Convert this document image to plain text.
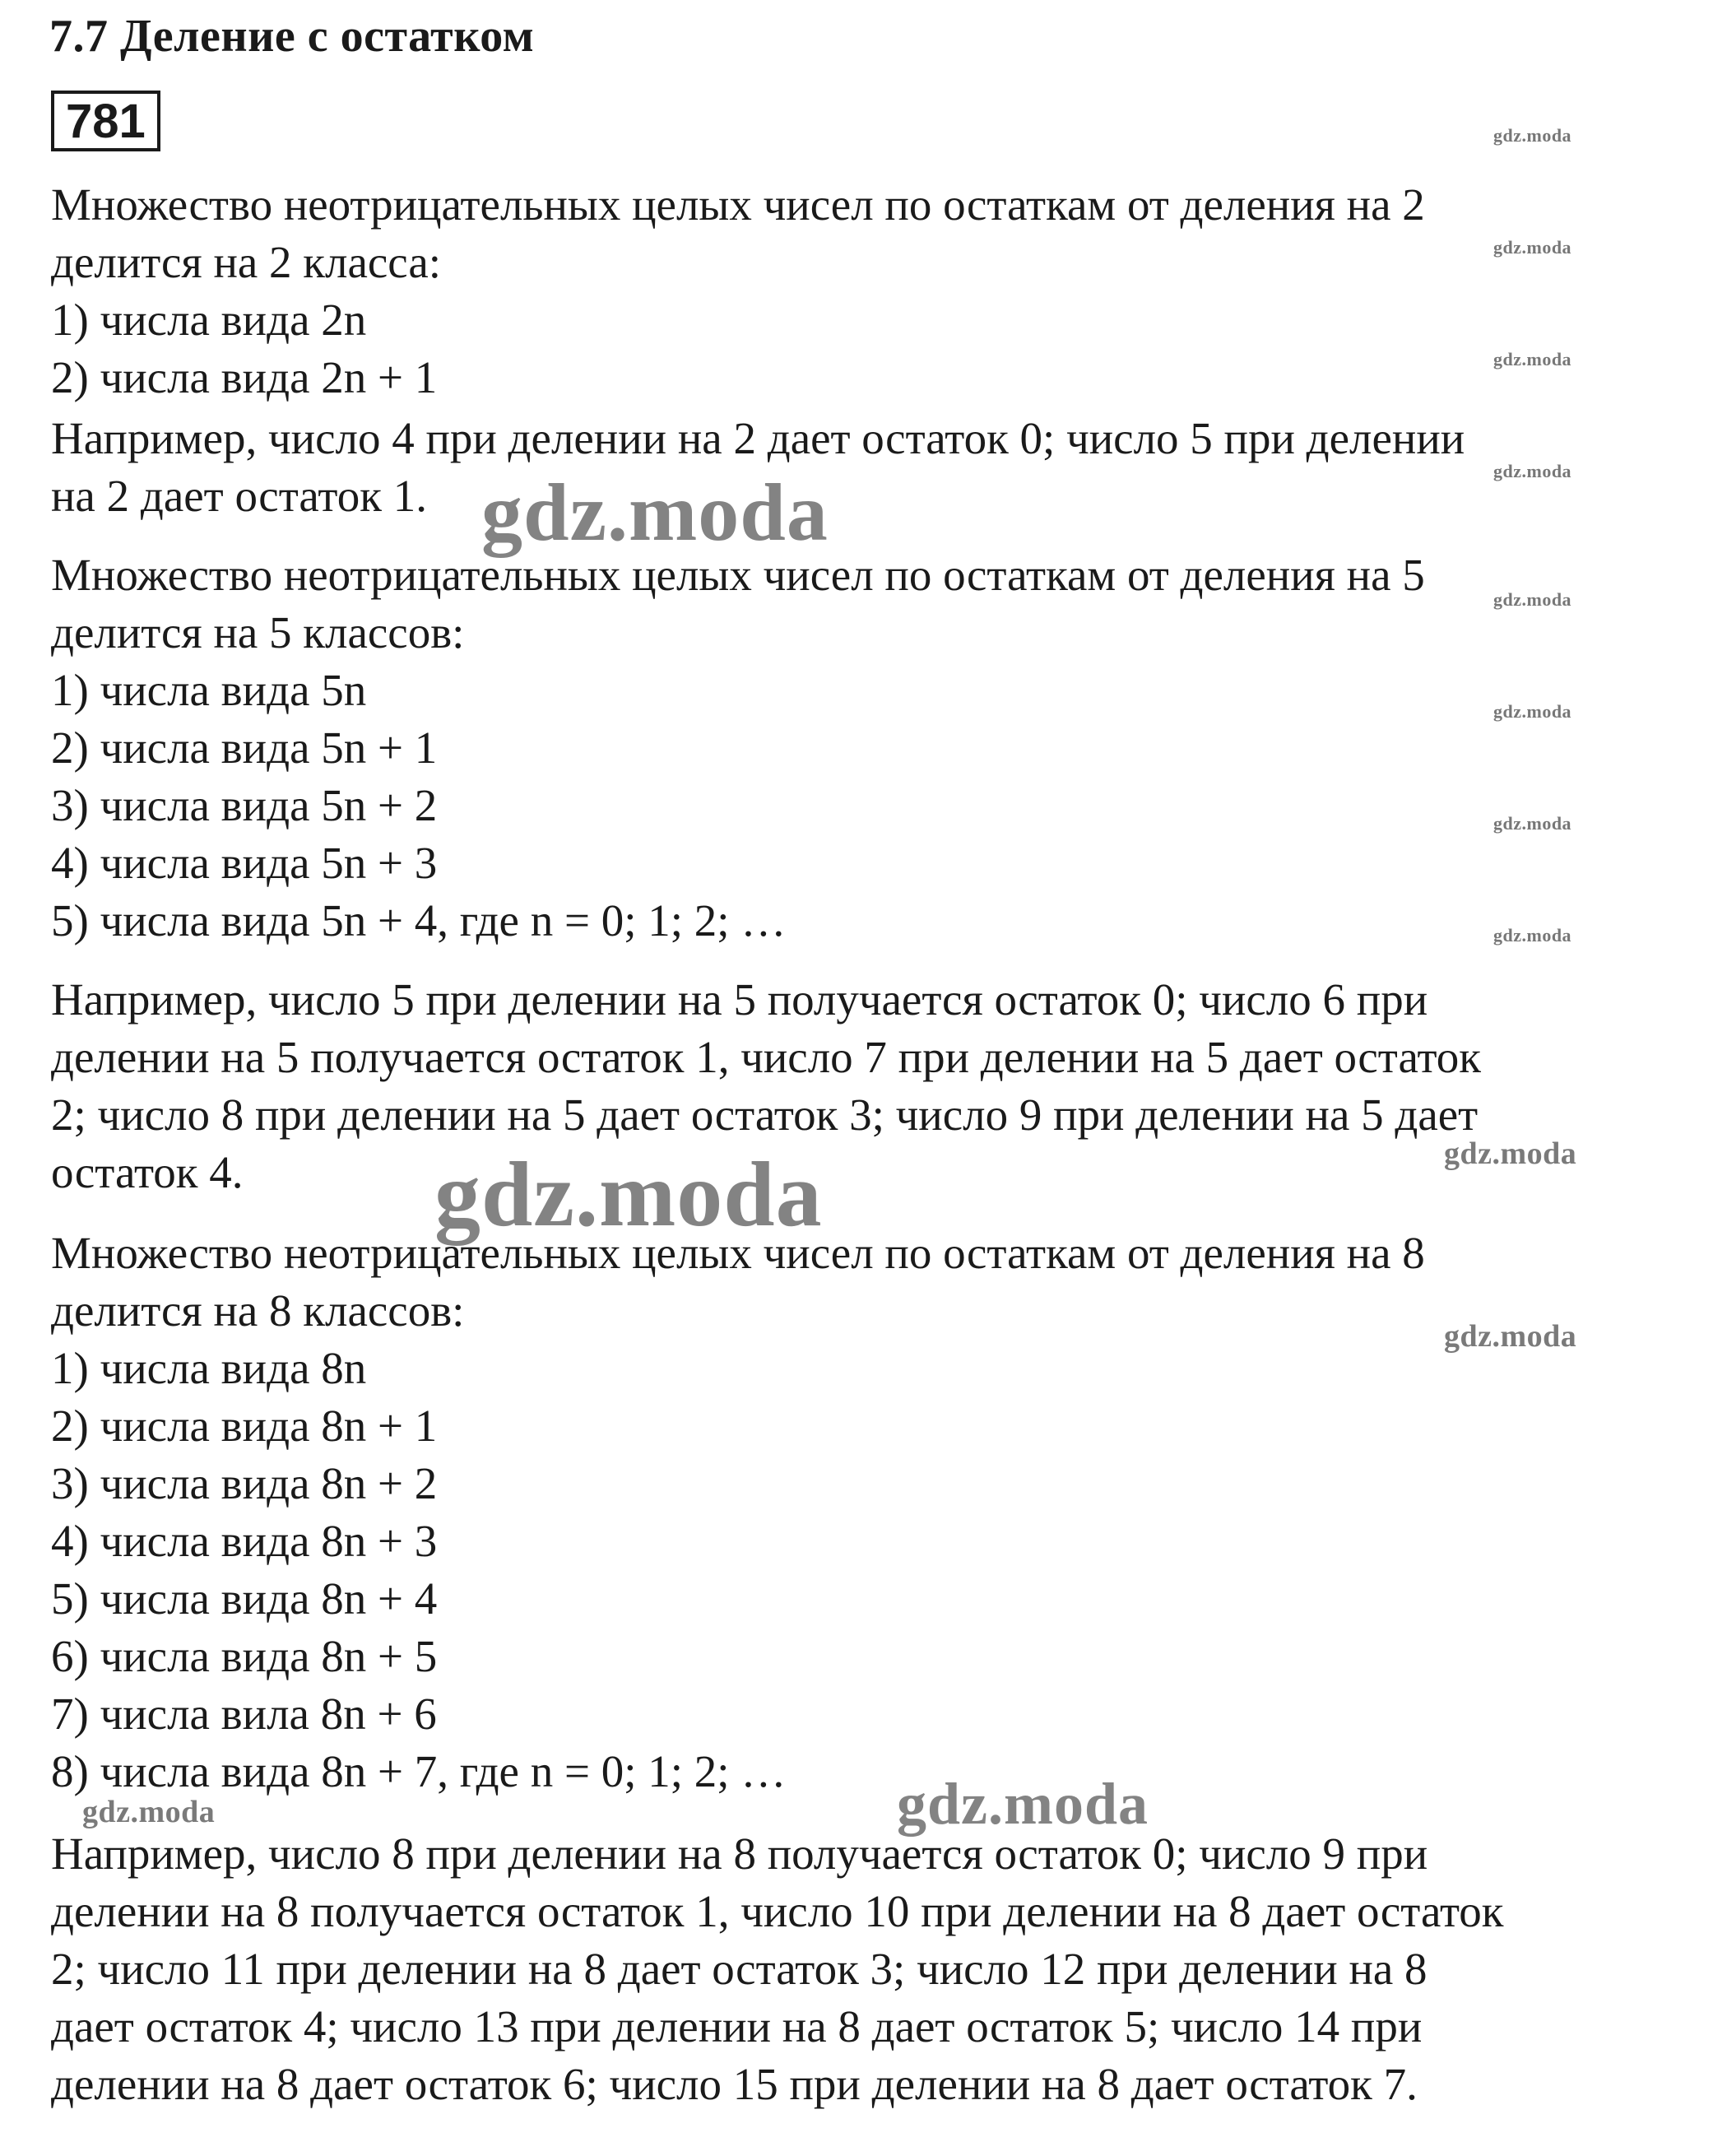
7.7 Деление с остатком
781
Множество неотрицательных целых чисел по остаткам от деления на 2
делится на 2 класса:
1) числа вида 2n
2) числа вида 2n + 1
Например, число 4 при делении на 2 дает остаток 0; число 5 при делении
на 2 дает остаток 1.
Множество неотрицательных целых чисел по остаткам от деления на 5
делится на 5 классов:
1) числа вида 5n
2) числа вида 5n + 1
3) числа вида 5n + 2
4) числа вида 5n + 3
5) числа вида 5n + 4, где n = 0; 1; 2; …
Например, число 5 при делении на 5 получается остаток 0; число 6 при
делении на 5 получается остаток 1, число 7 при делении на 5 дает остаток
2; число 8 при делении на 5 дает остаток 3; число 9 при делении на 5 дает
остаток 4.
Множество неотрицательных целых чисел по остаткам от деления на 8
делится на 8 классов:
1) числа вида 8n
2) числа вида 8n + 1
3) числа вида 8n + 2
4) числа вида 8n + 3
5) числа вида 8n + 4
6) числа вида 8n + 5
7) числа вила 8n + 6
8) числа вида 8n + 7, где n = 0; 1; 2; …
Например, число 8 при делении на 8 получается остаток 0; число 9 при
делении на 8 получается остаток 1, число 10 при делении на 8 дает остаток
2; число 11 при делении на 8 дает остаток 3; число 12 при делении на 8
дает остаток 4; число 13 при делении на 8 дает остаток 5; число 14 при
делении на 8 дает остаток 6; число 15 при делении на 8 дает остаток 7.
gdz.moda
gdz.moda
gdz.moda
gdz.moda
gdz.moda
gdz.moda
gdz.moda
gdz.moda
gdz.moda
gdz.moda
gdz.moda
gdz.moda
gdz.moda
gdz.moda
